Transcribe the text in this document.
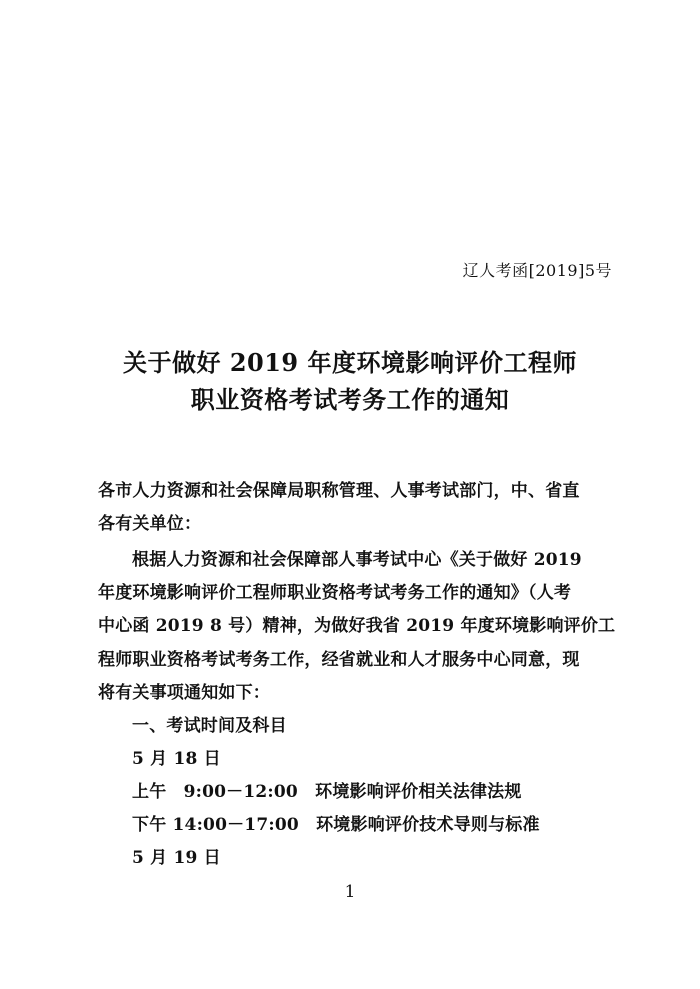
辽人考函[2019]5号
关于做好 2019 年度环境影响评价工程师
职业资格考试考务工作的通知
各市人力资源和社会保障局职称管理、人事考试部门，中、省直
各有关单位：
根据人力资源和社会保障部人事考试中心《关于做好 2019
年度环境影响评价工程师职业资格考试考务工作的通知》（人考
中心函 2019 8 号）精神，为做好我省 2019 年度环境影响评价工
程师职业资格考试考务工作，经省就业和人才服务中心同意，现
将有关事项通知如下：
一、考试时间及科目
5 月 18 日
上午　9:00－12:00　环境影响评价相关法律法规
下午 14:00－17:00　环境影响评价技术导则与标准
5 月 19 日
1
